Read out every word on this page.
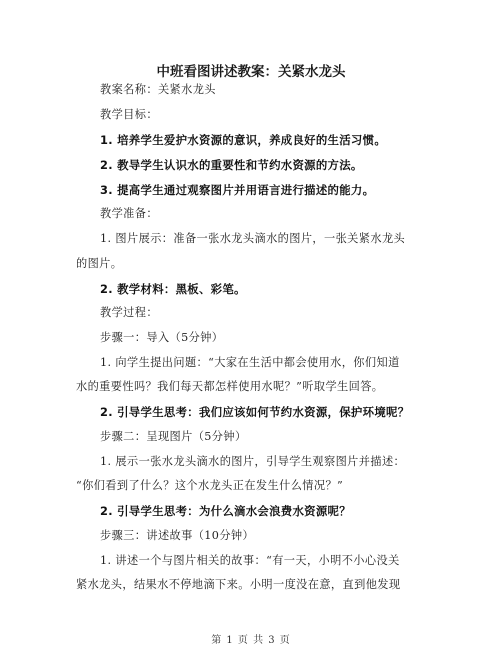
中班看图讲述教案：关紧水龙头
教案名称：关紧水龙头
教学目标：
1. 培养学生爱护水资源的意识，养成良好的生活习惯。
2. 教导学生认识水的重要性和节约水资源的方法。
3. 提高学生通过观察图片并用语言进行描述的能力。
教学准备：
1. 图片展示：准备一张水龙头滴水的图片，一张关紧水龙头
的图片。
2. 教学材料：黑板、彩笔。
教学过程：
步骤一：导入（5分钟）
1. 向学生提出问题：“大家在生活中都会使用水，你们知道
水的重要性吗？我们每天都怎样使用水呢？”听取学生回答。
2. 引导学生思考：我们应该如何节约水资源，保护环境呢？
步骤二：呈现图片（5分钟）
1. 展示一张水龙头滴水的图片，引导学生观察图片并描述：
“你们看到了什么？这个水龙头正在发生什么情况？”
2. 引导学生思考：为什么滴水会浪费水资源呢？
步骤三：讲述故事（10分钟）
1. 讲述一个与图片相关的故事：“有一天，小明不小心没关
紧水龙头，结果水不停地滴下来。小明一度没在意，直到他发现
第 1 页 共 3 页
